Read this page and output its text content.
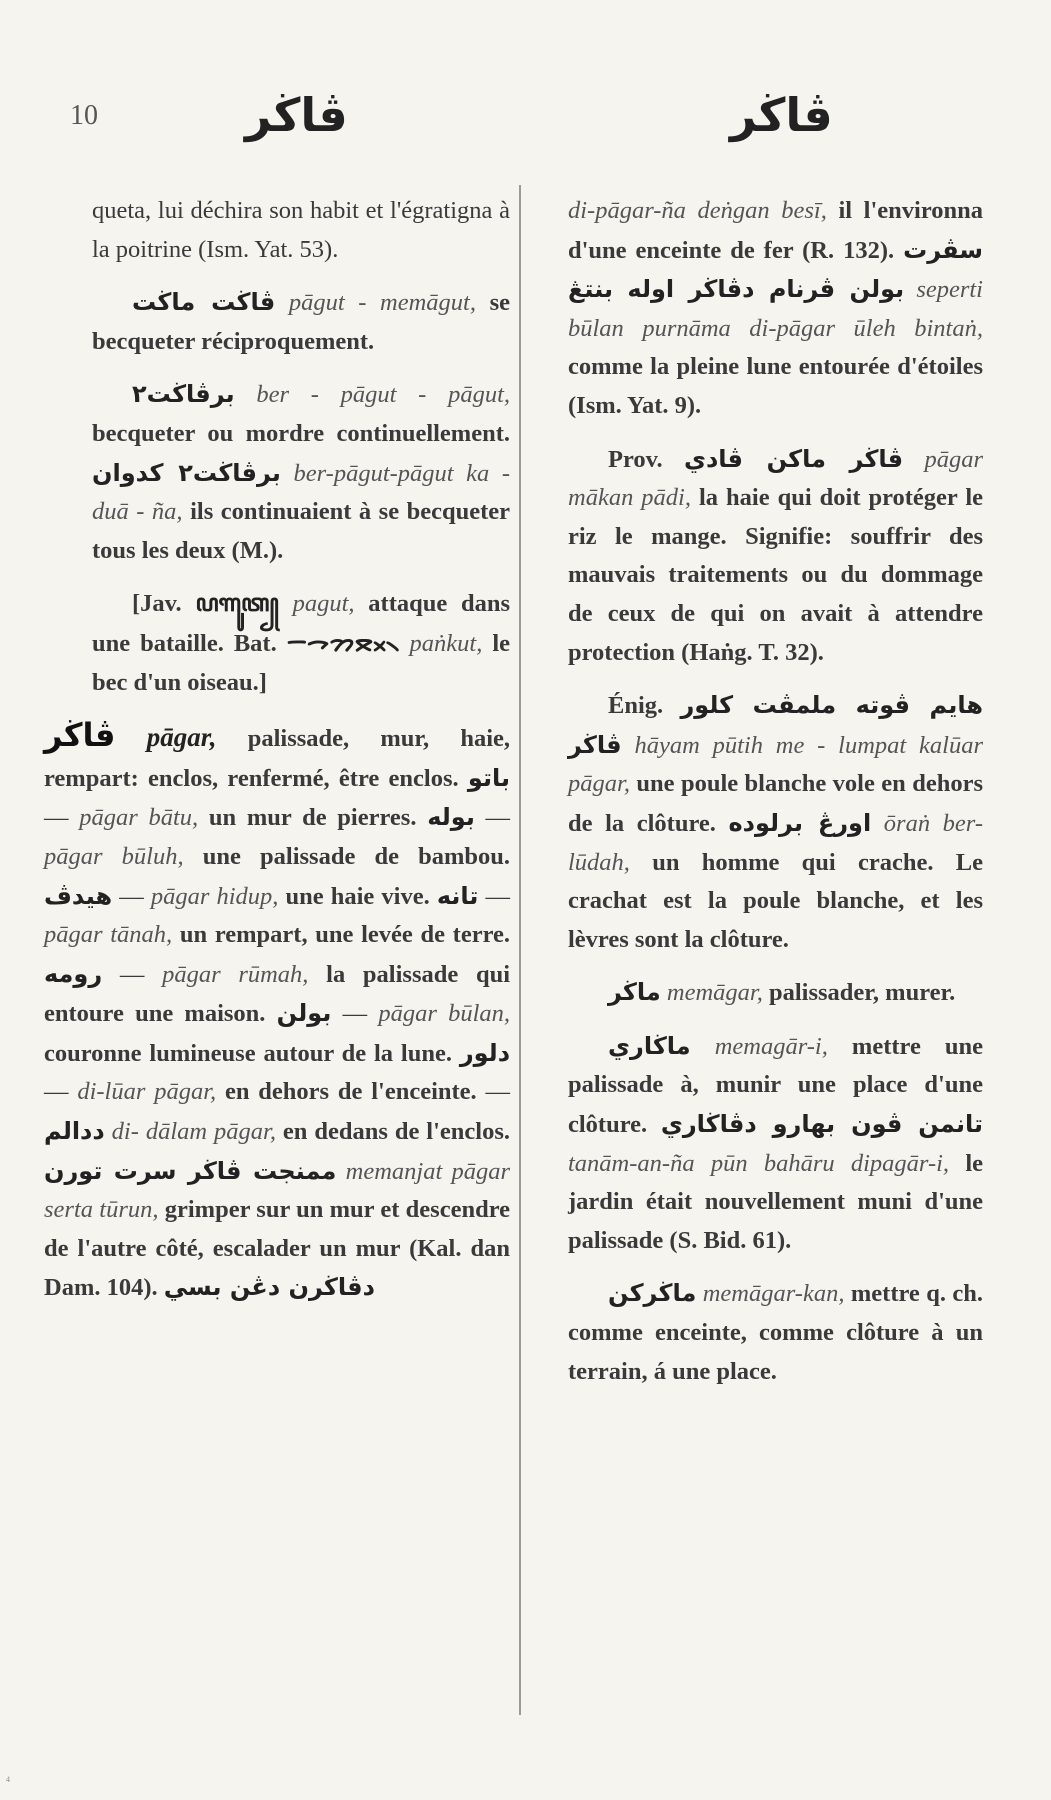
10	ڤاڬر	ڤاڬر

queta, lui déchira son habit et l'égratigna à la poitrine (Ism. Yat. 53).

ڤاڬت ماڬت pāgut - memāgut, se becqueter réciproquement.

برڤاڬت٢ ber - pāgut - pāgut, becqueter ou mordre continuellement. برڤاڬت٢ كدوان ber-pāgut-pāgut ka - duā - ña, ils continuaient à se becqueter tous les deux (M.).

[Jav. ꦥꦒꦸꦠ꧀ pagut, attaque dans une bataille. Bat. ᯇᯎᯂᯬᯖ᯲ paṅkut, le bec d'un oiseau.]

ڤاڬر pāgar, palissade, mur, haie, rempart: enclos, renfermé, être enclos. باتو — pāgar bātu, un mur de pierres. بوله — pāgar būluh, une palissade de bambou. هيدڤ — pāgar hidup, une haie vive. تانه — pāgar tānah, un rempart, une levée de terre. رومه — pāgar rūmah, la palissade qui entoure une maison. بولن — pāgar būlan, couronne lumineuse autour de la lune. دلور — di-lūar pāgar, en dehors de l'enceinte. — ددالم di- dālam pāgar, en dedans de l'enclos. ممنجت ڤاڬر سرت تورن memanjat pāgar serta tūrun, grimper sur un mur et descendre de l'autre côté, escalader un mur (Kal. dan Dam. 104). دڤاڬرن دڠن بسي

di-pāgar-ña deṅgan besī, il l'environna d'une enceinte de fer (R. 132). سڤرت بولن ڤرنام دڤاڬر اوله بنتڠ seperti būlan purnāma di-pāgar ūleh bintaṅ, comme la pleine lune entourée d'étoiles (Ism. Yat. 9).

Prov. ڤاڬر ماكن ڤادي pāgar mākan pādi, la haie qui doit protéger le riz le mange. Signifie: souffrir des mauvais traitements ou du dommage de ceux de qui on avait à attendre protection (Haṅg. T. 32).

Énig. هايم ڤوته ملمڤت كلور ڤاڬر hāyam pūtih me - lumpat kalūar pāgar, une poule blanche vole en dehors de la clôture. اورڠ برلوده ōraṅ ber-lūdah, un homme qui crache. Le crachat est la poule blanche, et les lèvres sont la clôture.

ماڬر memāgar, palissader, murer.

ماڬاري memagār-i, mettre une palissade à, munir une place d'une clôture. تانمن ڤون بهارو دڤاڬاري tanām-an-ña pūn bahāru dipagār-i, le jardin était nouvellement muni d'une palissade (S. Bid. 61).

ماڬركن memāgar-kan, mettre q. ch. comme enceinte, comme clôture à un terrain, á une place.

4
